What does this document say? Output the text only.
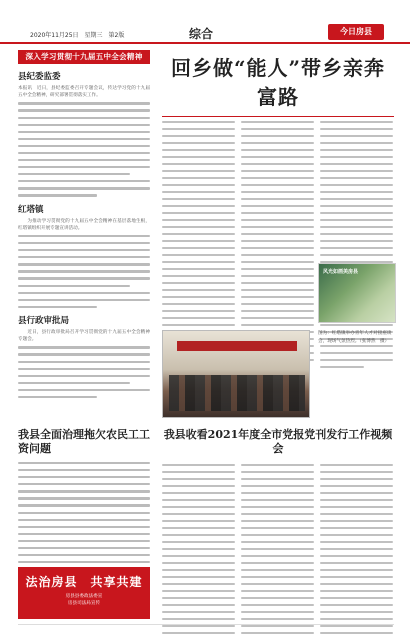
2020年11月25日　星期三　第2版	综合	今日房县
深入学习贯彻十九届五中全会精神
县纪委监委
本报讯　近日，县纪委监委召开专题会议，传达学习党的十九届五中全会精神，研究部署贯彻落实工作。
红塔镇
　　为推动学习贯彻党的十九届五中全会精神在基层落地生根，红塔镇组织开展专题宣讲活动。
县行政审批局
　　近日，县行政审批局召开学习贯彻党的十九届五中全会精神专题会。
回乡做“能人”带乡亲奔富路
风光如画美房县
图为：红塔镇举办青年人才对接座谈会，现场气氛热烈。（张博然　摄）
我县全面治理拖欠农民工工资问题
法治房县　共享共建
房县县委政法委宣
房县司法局宣传
我县收看2021年度全市党报党刊发行工作视频会
